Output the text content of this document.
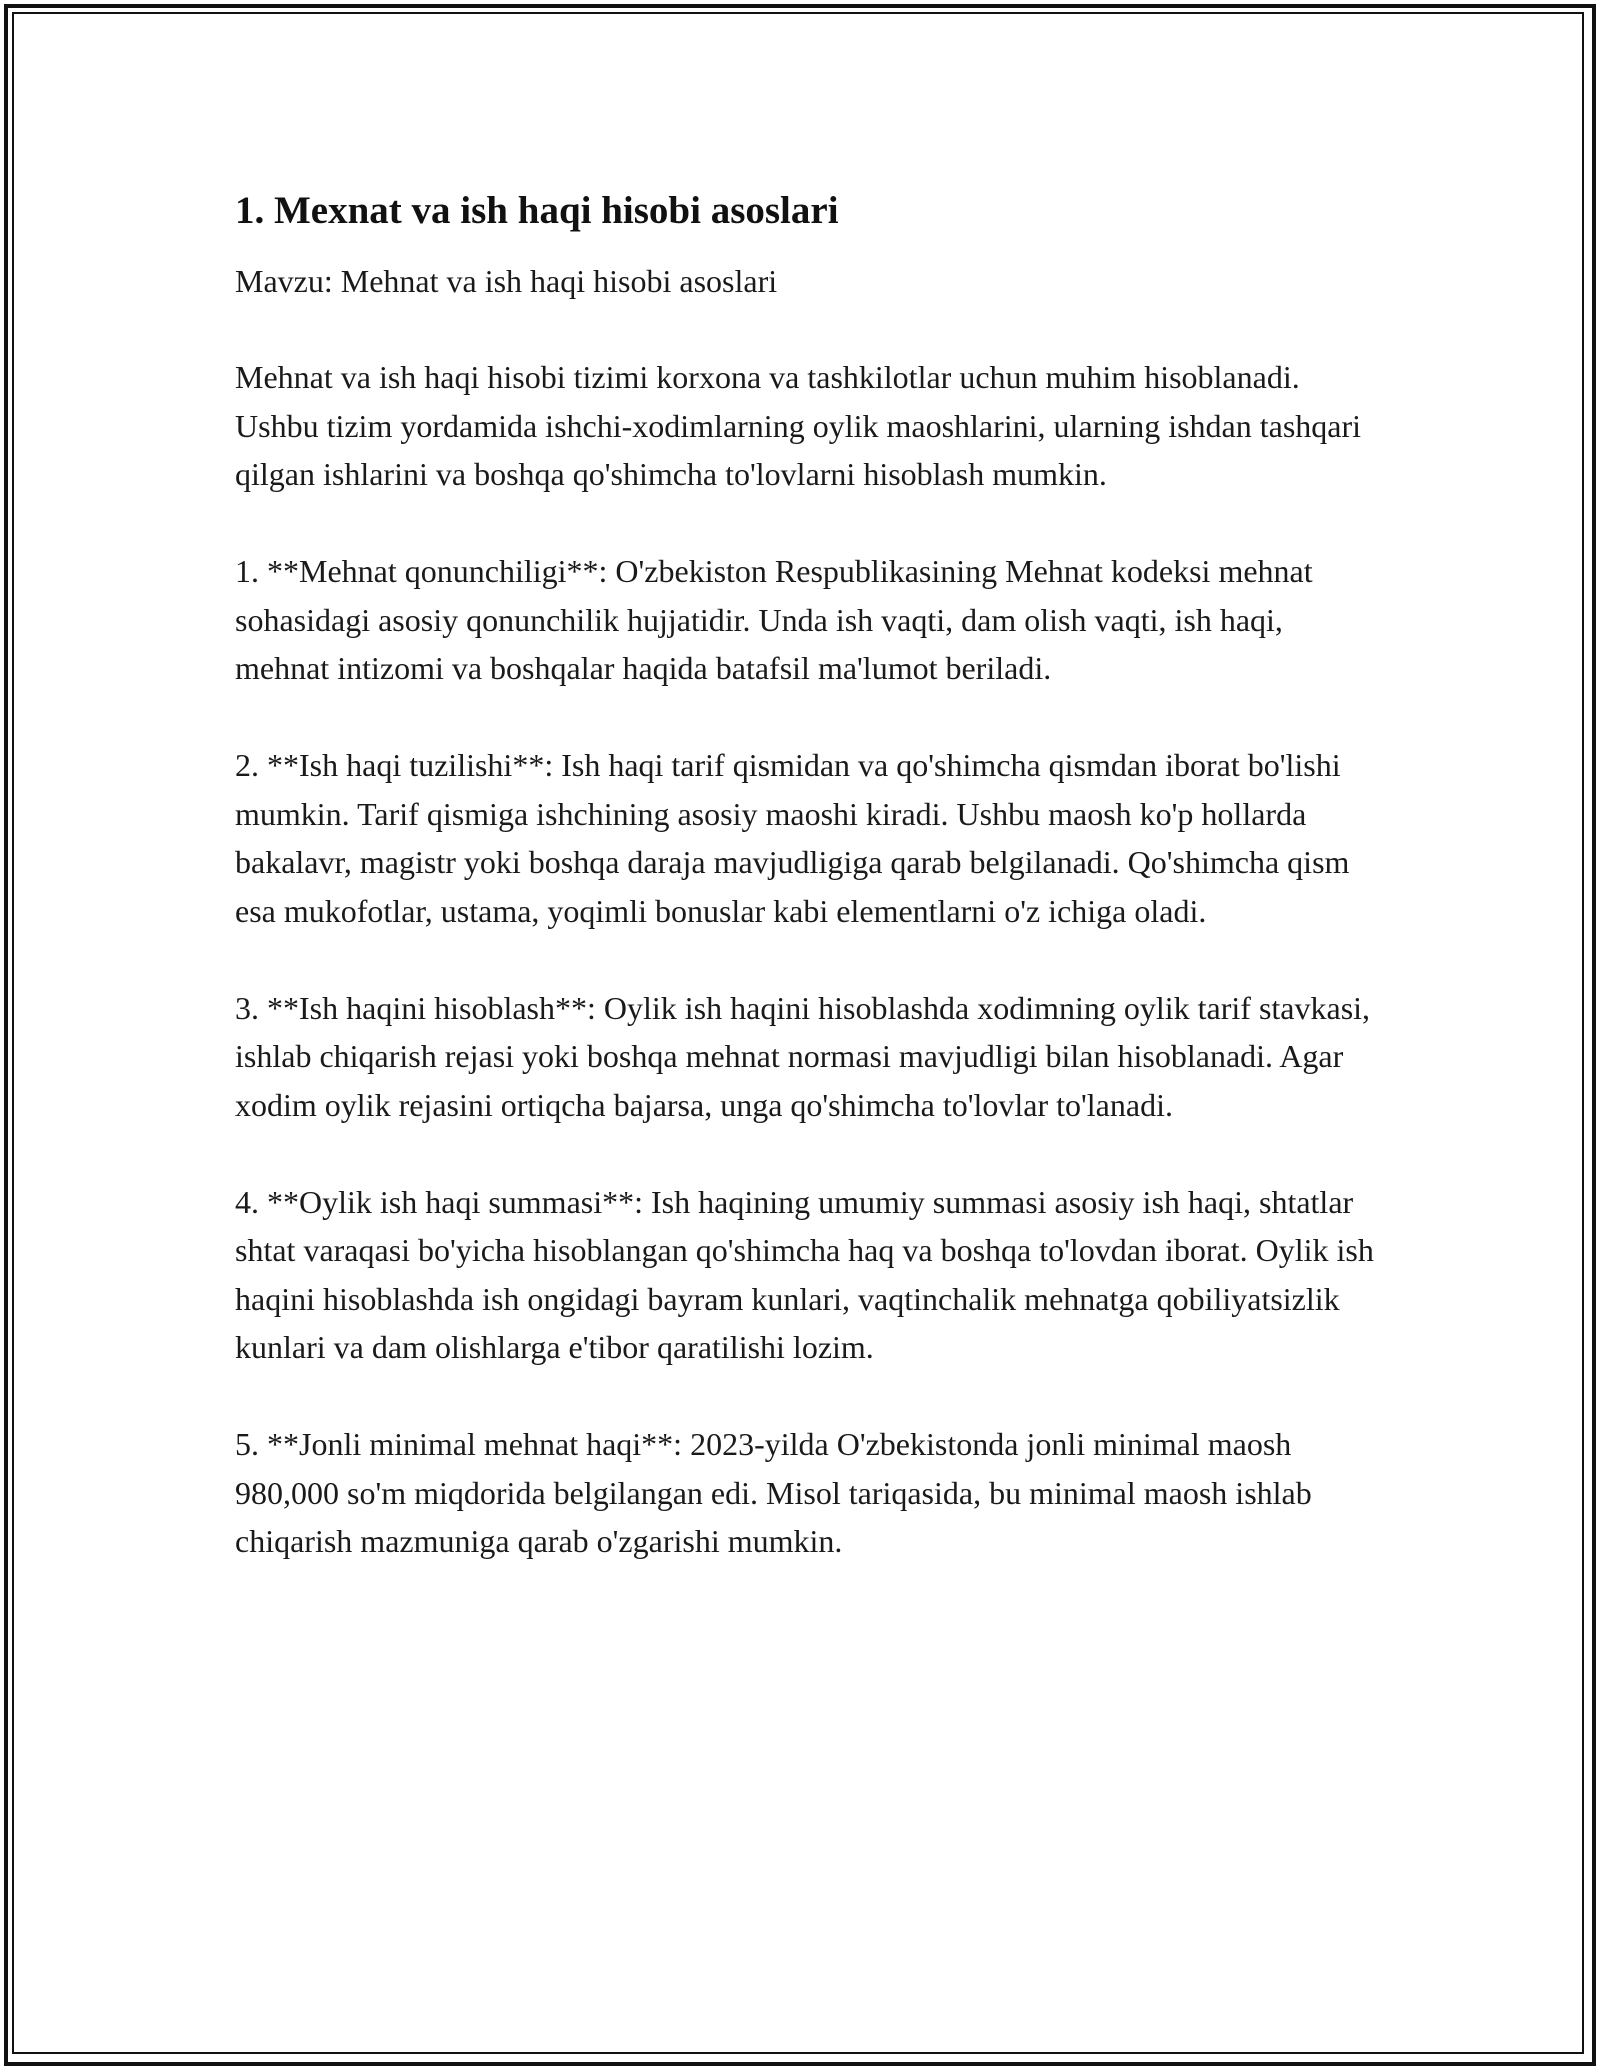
1. Mexnat va ish haqi hisobi asoslari

Mavzu: Mehnat va ish haqi hisobi asoslari

Mehnat va ish haqi hisobi tizimi korxona va tashkilotlar uchun muhim hisoblanadi. Ushbu tizim yordamida ishchi-xodimlarning oylik maoshlarini, ularning ishdan tashqari qilgan ishlarini va boshqa qo'shimcha to'lovlarni hisoblash mumkin.

1. **Mehnat qonunchiligi**: O'zbekiston Respublikasining Mehnat kodeksi mehnat sohasidagi asosiy qonunchilik hujjatidir. Unda ish vaqti, dam olish vaqti, ish haqi, mehnat intizomi va boshqalar haqida batafsil ma'lumot beriladi.

2. **Ish haqi tuzilishi**: Ish haqi tarif qismidan va qo'shimcha qismdan iborat bo'lishi mumkin. Tarif qismiga ishchining asosiy maoshi kiradi. Ushbu maosh ko'p hollarda bakalavr, magistr yoki boshqa daraja mavjudligiga qarab belgilanadi. Qo'shimcha qism esa mukofotlar, ustama, yoqimli bonuslar kabi elementlarni o'z ichiga oladi.

3. **Ish haqini hisoblash**: Oylik ish haqini hisoblashda xodimning oylik tarif stavkasi, ishlab chiqarish rejasi yoki boshqa mehnat normasi mavjudligi bilan hisoblanadi. Agar xodim oylik rejasini ortiqcha bajarsa, unga qo'shimcha to'lovlar to'lanadi.

4. **Oylik ish haqi summasi**: Ish haqining umumiy summasi asosiy ish haqi, shtatlar shtat varaqasi bo'yicha hisoblangan qo'shimcha haq va boshqa to'lovdan iborat. Oylik ish haqini hisoblashda ish ongidagi bayram kunlari, vaqtinchalik mehnatga qobiliyatsizlik kunlari va dam olishlarga e'tibor qaratilishi lozim.

5. **Jonli minimal mehnat haqi**: 2023-yilda O'zbekistonda jonli minimal maosh 980,000 so'm miqdorida belgilangan edi. Misol tariqasida, bu minimal maosh ishlab chiqarish mazmuniga qarab o'zgarishi mumkin.
